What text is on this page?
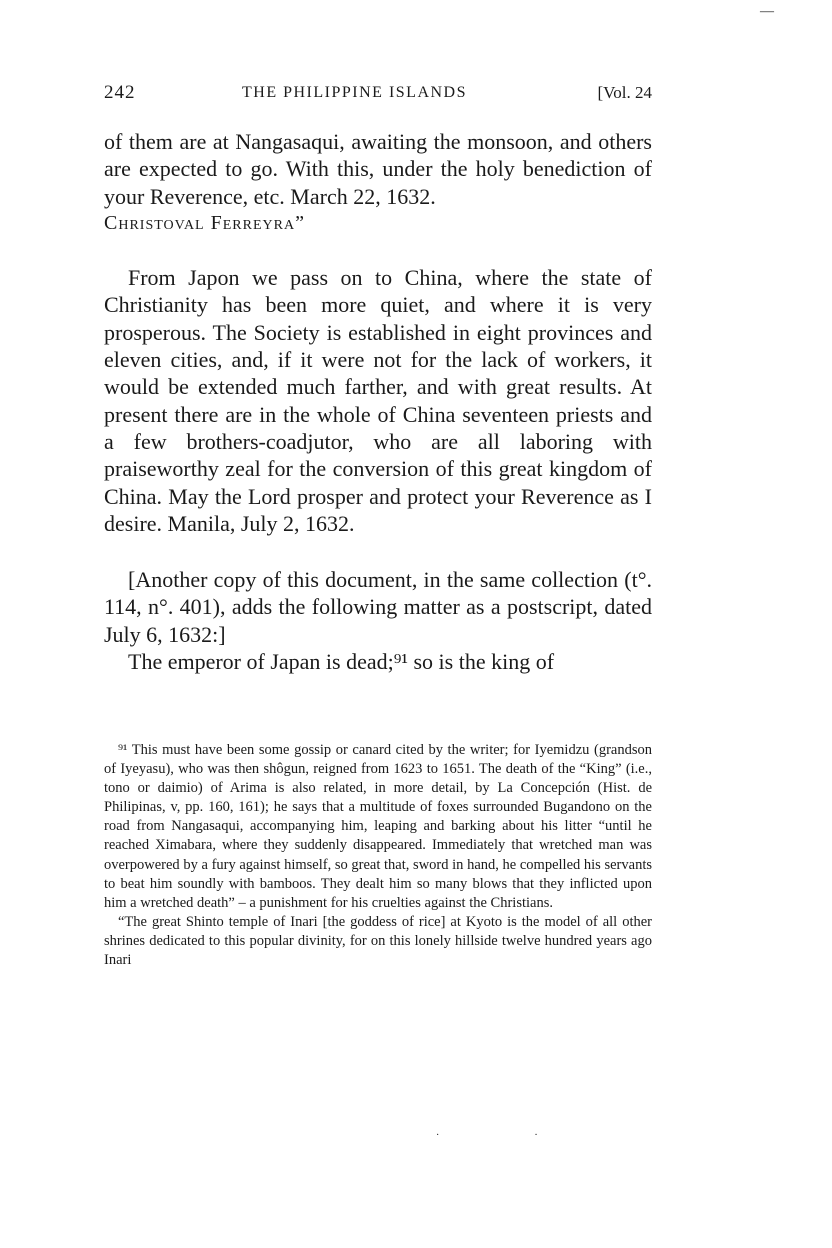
—
242	THE PHILIPPINE ISLANDS	[Vol. 24

of them are at Nangasaqui, awaiting the monsoon, and others are expected to go. With this, under the holy benediction of your Reverence, etc. March 22, 1632.

Christoval Ferreyra”

From Japon we pass on to China, where the state of Christianity has been more quiet, and where it is very prosperous. The Society is established in eight provinces and eleven cities, and, if it were not for the lack of workers, it would be extended much farther, and with great results. At present there are in the whole of China seventeen priests and a few brothers-coadjutor, who are all laboring with praiseworthy zeal for the conversion of this great kingdom of China. May the Lord prosper and protect your Reverence as I desire. Manila, July 2, 1632.

[Another copy of this document, in the same collection (t°. 114, n°. 401), adds the following matter as a postscript, dated July 6, 1632:]

The emperor of Japan is dead;⁹¹ so is the king of

⁹¹ This must have been some gossip or canard cited by the writer; for Iyemidzu (grandson of Iyeyasu), who was then shôgun, reigned from 1623 to 1651. The death of the “King” (i.e., tono or daimio) of Arima is also related, in more detail, by La Concepción (Hist. de Philipinas, v, pp. 160, 161); he says that a multitude of foxes surrounded Bugandono on the road from Nangasaqui, accompanying him, leaping and barking about his litter “until he reached Ximabara, where they suddenly disappeared. Immediately that wretched man was overpowered by a fury against himself, so great that, sword in hand, he compelled his servants to beat him soundly with bamboos. They dealt him so many blows that they inflicted upon him a wretched death” – a punishment for his cruelties against the Christians.

“The great Shinto temple of Inari [the goddess of rice] at Kyoto is the model of all other shrines dedicated to this popular divinity, for on this lonely hillside twelve hundred years ago Inari

·                                      ·
